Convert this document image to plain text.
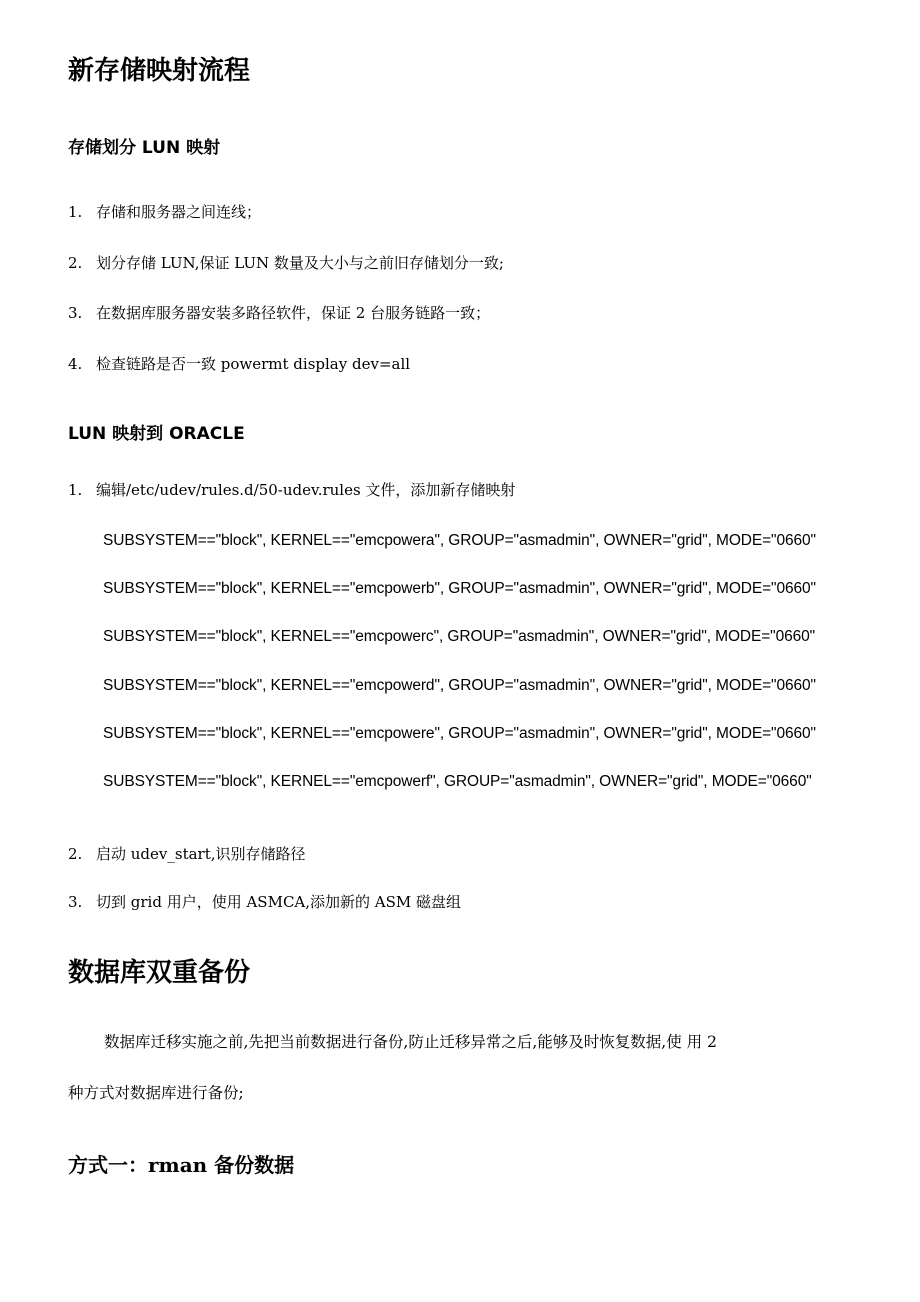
新存储映射流程
存储划分 LUN 映射
1. 存储和服务器之间连线；
2. 划分存储 LUN,保证 LUN 数量及大小与之前旧存储划分一致;
3. 在数据库服务器安装多路径软件，保证 2 台服务链路一致；
4. 检查链路是否一致 powermt display dev=all
LUN 映射到 ORACLE
1. 编辑/etc/udev/rules.d/50-udev.rules 文件，添加新存储映射
SUBSYSTEM=="block", KERNEL=="emcpowera", GROUP="asmadmin", OWNER="grid", MODE="0660"
SUBSYSTEM=="block", KERNEL=="emcpowerb", GROUP="asmadmin", OWNER="grid", MODE="0660"
SUBSYSTEM=="block", KERNEL=="emcpowerc", GROUP="asmadmin", OWNER="grid", MODE="0660"
SUBSYSTEM=="block", KERNEL=="emcpowerd", GROUP="asmadmin", OWNER="grid", MODE="0660"
SUBSYSTEM=="block", KERNEL=="emcpowere", GROUP="asmadmin", OWNER="grid", MODE="0660"
SUBSYSTEM=="block", KERNEL=="emcpowerf", GROUP="asmadmin", OWNER="grid", MODE="0660"
2. 启动 udev_start,识别存储路径
3. 切到 grid 用户，使用 ASMCA,添加新的 ASM 磁盘组
数据库双重备份
数据库迁移实施之前,先把当前数据进行备份,防止迁移异常之后,能够及时恢复数据,使 用 2
种方式对数据库进行备份;
方式一：rman 备份数据
